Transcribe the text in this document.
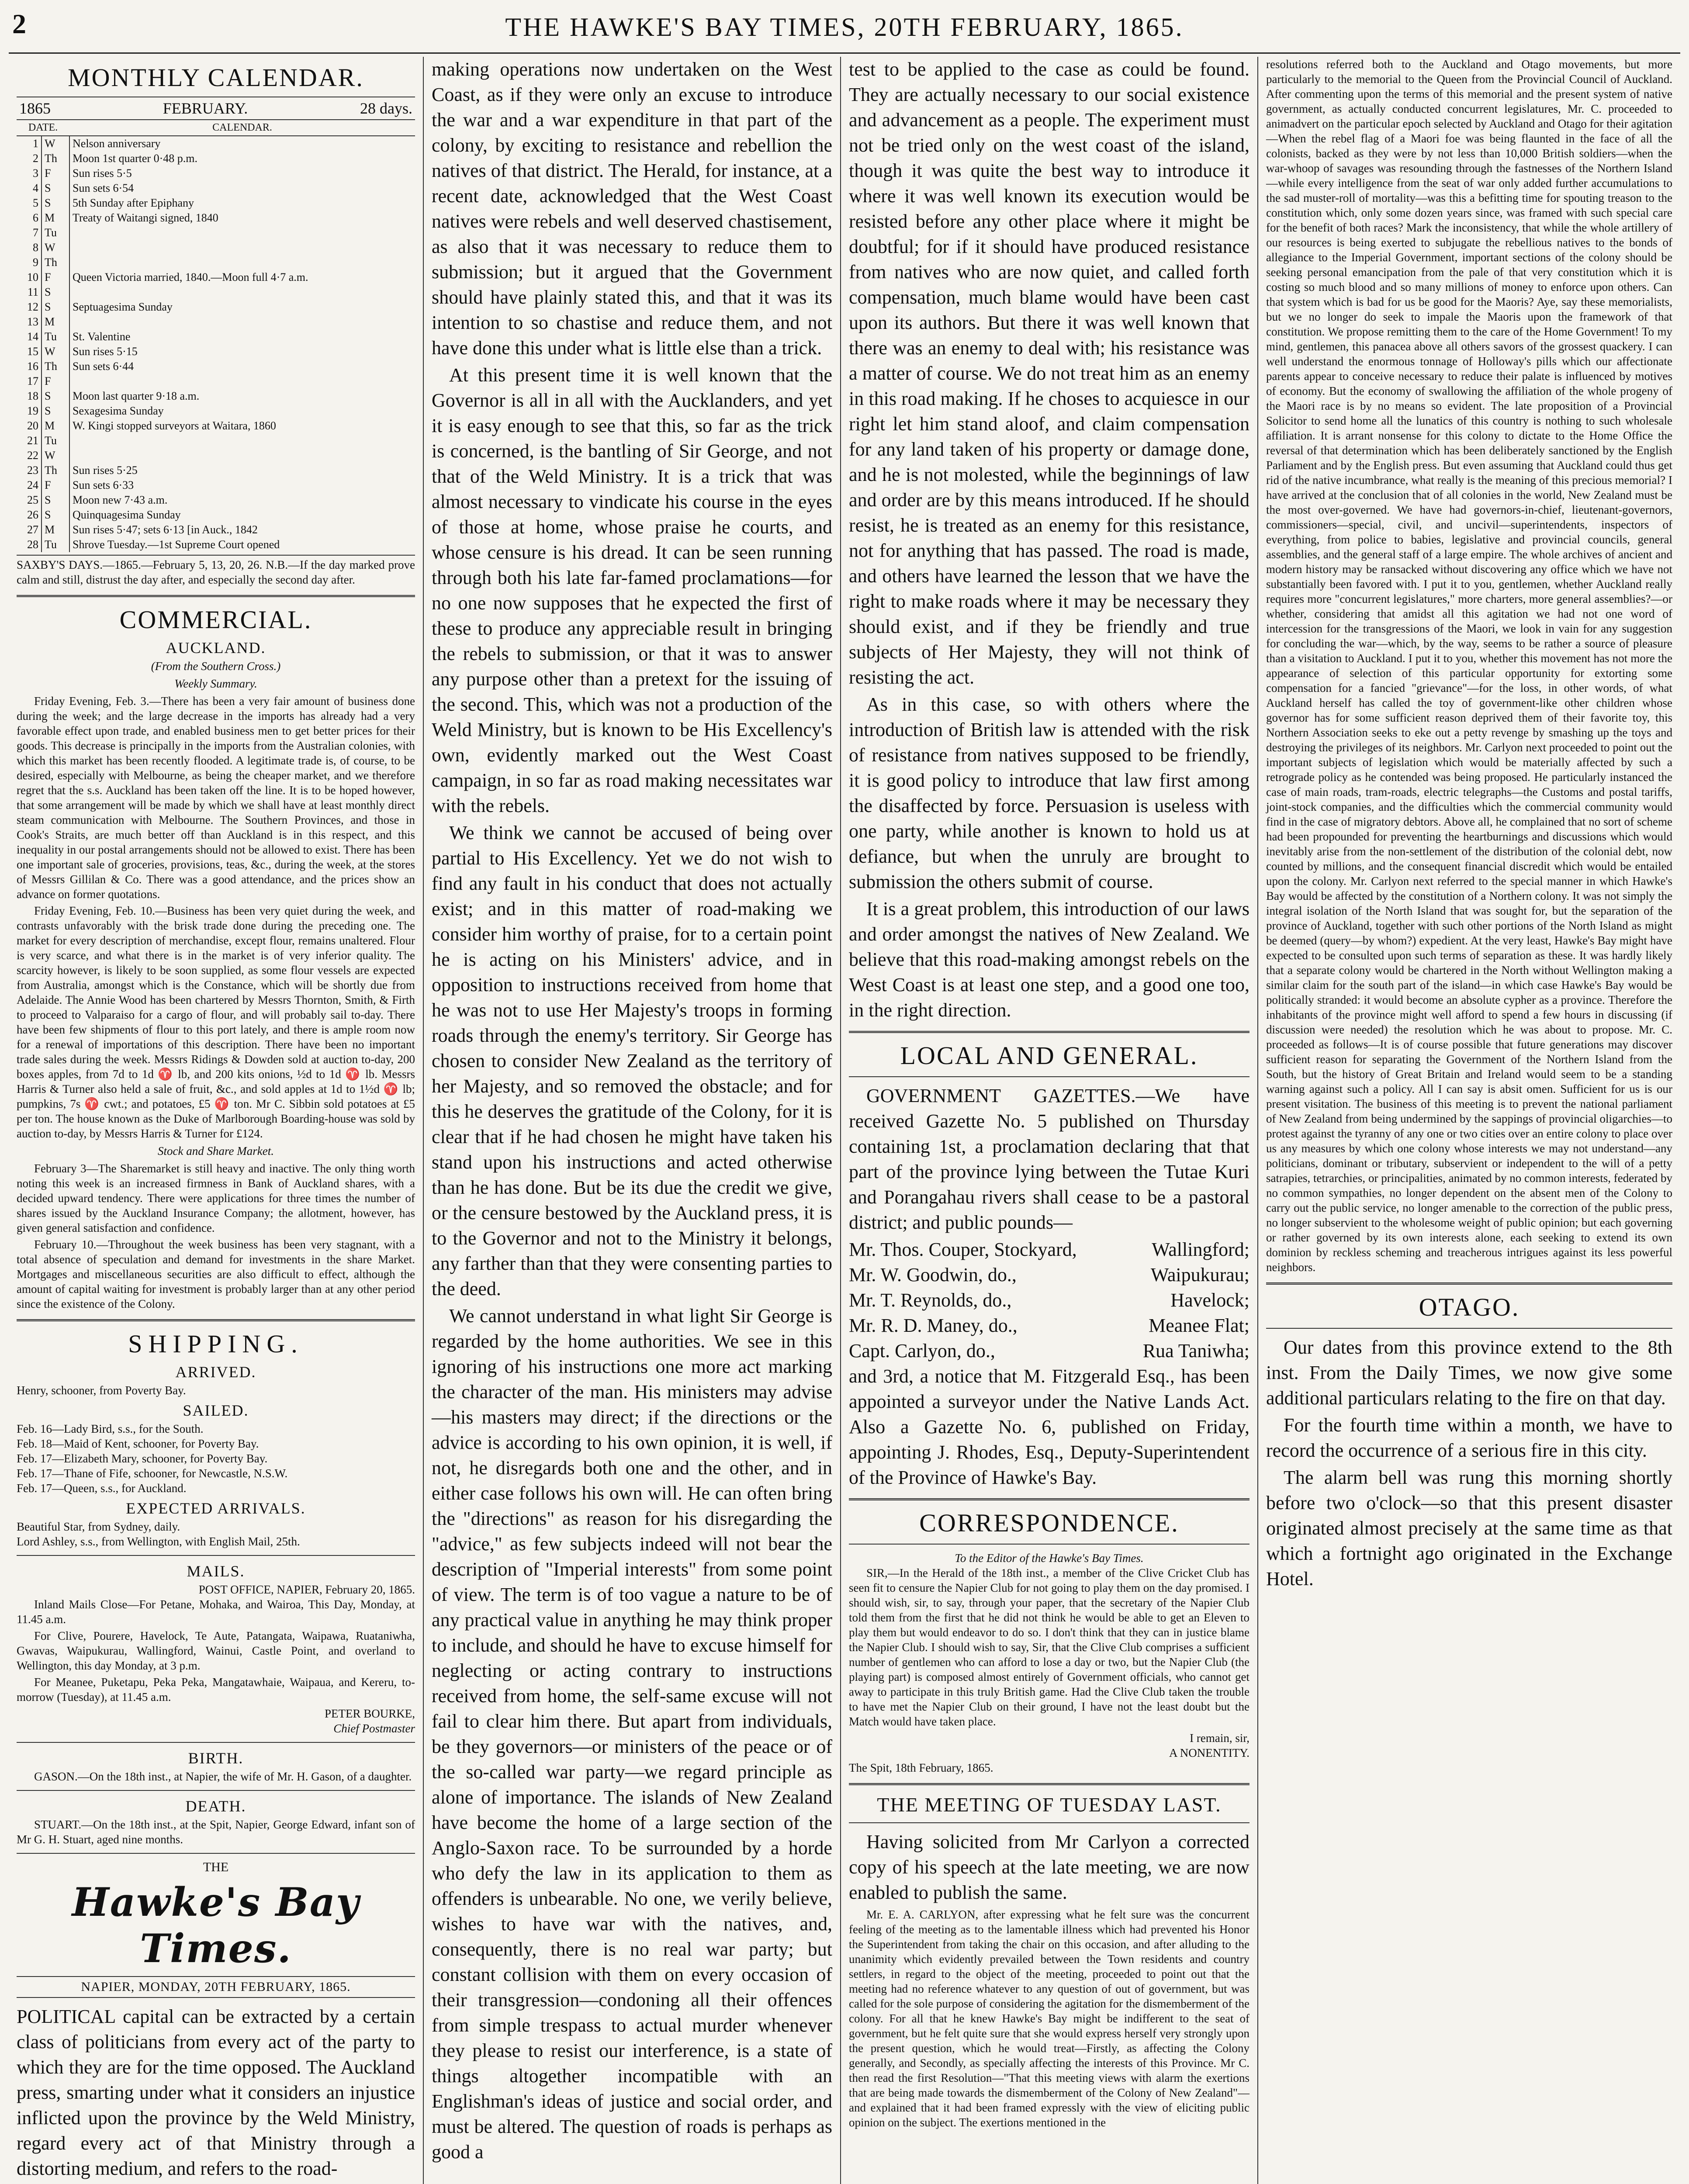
2	THE HAWKE'S BAY TIMES, 20TH FEBRUARY, 1865.
MONTHLY CALENDAR.
1865	FEBRUARY.	28 days.
DATE.		CALENDAR.
1	W	Nelson anniversary
2	Th	Moon 1st quarter 0·48 p.m.
3	F	Sun rises 5·5
4	S	Sun sets 6·54
5	S	5th Sunday after Epiphany
6	M	Treaty of Waitangi signed, 1840
7	Tu	
8	W	
9	Th	
10	F	Queen Victoria married, 1840.—Moon full 4·7 a.m.
11	S	
12	S	Septuagesima Sunday
13	M	
14	Tu	St. Valentine
15	W	Sun rises 5·15
16	Th	Sun sets 6·44
17	F	
18	S	Moon last quarter 9·18 a.m.
19	S	Sexagesima Sunday
20	M	W. Kingi stopped surveyors at Waitara, 1860
21	Tu	
22	W	
23	Th	Sun rises 5·25
24	F	Sun sets 6·33
25	S	Moon new 7·43 a.m.
26	S	Quinquagesima Sunday
27	M	Sun rises 5·47; sets 6·13 [in Auck., 1842
28	Tu	Shrove Tuesday.—1st Supreme Court opened
SAXBY'S DAYS.—1865.—February 5, 13, 20, 26. N.B.—If the day marked prove calm and still, distrust the day after, and especially the second day after.
COMMERCIAL.
AUCKLAND.
(From the Southern Cross.)
Weekly Summary.

Friday Evening, Feb. 3.—There has been a very fair amount of business done during the week; and the large decrease in the imports has already had a very favorable effect upon trade, and enabled business men to get better prices for their goods. This decrease is principally in the imports from the Australian colonies, with which this market has been recently flooded. A legitimate trade is, of course, to be desired, especially with Melbourne, as being the cheaper market, and we therefore regret that the s.s. Auckland has been taken off the line. It is to be hoped however, that some arrangement will be made by which we shall have at least monthly direct steam communication with Melbourne. The Southern Provinces, and those in Cook's Straits, are much better off than Auckland is in this respect, and this inequality in our postal arrangements should not be allowed to exist. There has been one important sale of groceries, provisions, teas, &c., during the week, at the stores of Messrs Gillilan & Co. There was a good attendance, and the prices show an advance on former quotations.

Friday Evening, Feb. 10.—Business has been very quiet during the week, and contrasts unfavorably with the brisk trade done during the preceding one. The market for every description of merchandise, except flour, remains unaltered. Flour is very scarce, and what there is in the market is of very inferior quality. The scarcity however, is likely to be soon supplied, as some flour vessels are expected from Australia, amongst which is the Constance, which will be shortly due from Adelaide. The Annie Wood has been chartered by Messrs Thornton, Smith, & Firth to proceed to Valparaiso for a cargo of flour, and will probably sail to-day. There have been few shipments of flour to this port lately, and there is ample room now for a renewal of importations of this description. There have been no important trade sales during the week. Messrs Ridings & Dowden sold at auction to-day, 200 boxes apples, from 7d to 1d ♈ lb, and 200 kits onions, ½d to 1d ♈ lb. Messrs Harris & Turner also held a sale of fruit, &c., and sold apples at 1d to 1½d ♈ lb; pumpkins, 7s ♈ cwt.; and potatoes, £5 ♈ ton. Mr C. Sibbin sold potatoes at £5 per ton. The house known as the Duke of Marlborough Boarding-house was sold by auction to-day, by Messrs Harris & Turner for £124.

Stock and Share Market.

February 3—The Sharemarket is still heavy and inactive. The only thing worth noting this week is an increased firmness in Bank of Auckland shares, with a decided upward tendency. There were applications for three times the number of shares issued by the Auckland Insurance Company; the allotment, however, has given general satisfaction and confidence.

February 10.—Throughout the week business has been very stagnant, with a total absence of speculation and demand for investments in the share Market. Mortgages and miscellaneous securities are also difficult to effect, although the amount of capital waiting for investment is probably larger than at any other period since the existence of the Colony.

SHIPPING.
ARRIVED.
Henry, schooner, from Poverty Bay.
SAILED.
Feb. 16—Lady Bird, s.s., for the South.
Feb. 18—Maid of Kent, schooner, for Poverty Bay.
Feb. 17—Elizabeth Mary, schooner, for Poverty Bay.
Feb. 17—Thane of Fife, schooner, for Newcastle, N.S.W.
Feb. 17—Queen, s.s., for Auckland.
EXPECTED ARRIVALS.
Beautiful Star, from Sydney, daily.
Lord Ashley, s.s., from Wellington, with English Mail, 25th.
MAILS.
POST OFFICE, NAPIER, February 20, 1865.

Inland Mails Close—For Petane, Mohaka, and Wairoa, This Day, Monday, at 11.45 a.m.

For Clive, Pourere, Havelock, Te Aute, Patangata, Waipawa, Ruataniwha, Gwavas, Waipukurau, Wallingford, Wainui, Castle Point, and overland to Wellington, this day Monday, at 3 p.m.

For Meanee, Puketapu, Peka Peka, Mangatawhaie, Waipaua, and Kereru, to-morrow (Tuesday), at 11.45 a.m.

PETER BOURKE,
Chief Postmaster
BIRTH.

GASON.—On the 18th inst., at Napier, the wife of Mr. H. Gason, of a daughter.

DEATH.

STUART.—On the 18th inst., at the Spit, Napier, George Edward, infant son of Mr G. H. Stuart, aged nine months.

THE
Hawke's Bay Times.
NAPIER, MONDAY, 20TH FEBRUARY, 1865.

POLITICAL capital can be extracted by a certain class of politicians from every act of the party to which they are for the time opposed. The Auckland press, smarting under what it considers an injustice inflicted upon the province by the Weld Ministry, regard every act of that Ministry through a distorting medium, and refers to the road-

making operations now undertaken on the West Coast, as if they were only an excuse to introduce the war and a war expenditure in that part of the colony, by exciting to resistance and rebellion the natives of that district. The Herald, for instance, at a recent date, acknowledged that the West Coast natives were rebels and well deserved chastisement, as also that it was necessary to reduce them to submission; but it argued that the Government should have plainly stated this, and that it was its intention to so chastise and reduce them, and not have done this under what is little else than a trick.

At this present time it is well known that the Governor is all in all with the Aucklanders, and yet it is easy enough to see that this, so far as the trick is concerned, is the bantling of Sir George, and not that of the Weld Ministry. It is a trick that was almost necessary to vindicate his course in the eyes of those at home, whose praise he courts, and whose censure is his dread. It can be seen running through both his late far-famed proclamations—for no one now supposes that he expected the first of these to produce any appreciable result in bringing the rebels to submission, or that it was to answer any purpose other than a pretext for the issuing of the second. This, which was not a production of the Weld Ministry, but is known to be His Excellency's own, evidently marked out the West Coast campaign, in so far as road making necessitates war with the rebels.

We think we cannot be accused of being over partial to His Excellency. Yet we do not wish to find any fault in his conduct that does not actually exist; and in this matter of road-making we consider him worthy of praise, for to a certain point he is acting on his Ministers' advice, and in opposition to instructions received from home that he was not to use Her Majesty's troops in forming roads through the enemy's territory. Sir George has chosen to consider New Zealand as the territory of her Majesty, and so removed the obstacle; and for this he deserves the gratitude of the Colony, for it is clear that if he had chosen he might have taken his stand upon his instructions and acted otherwise than he has done. But be its due the credit we give, or the censure bestowed by the Auckland press, it is to the Governor and not to the Ministry it belongs, any farther than that they were consenting parties to the deed.

We cannot understand in what light Sir George is regarded by the home authorities. We see in this ignoring of his instructions one more act marking the character of the man. His ministers may advise—his masters may direct; if the directions or the advice is according to his own opinion, it is well, if not, he disregards both one and the other, and in either case follows his own will. He can often bring the "directions" as reason for his disregarding the "advice," as few subjects indeed will not bear the description of "Imperial interests" from some point of view. The term is of too vague a nature to be of any practical value in anything he may think proper to include, and should he have to excuse himself for neglecting or acting contrary to instructions received from home, the self-same excuse will not fail to clear him there. But apart from individuals, be they governors—or ministers of the peace or of the so-called war party—we regard principle as alone of importance. The islands of New Zealand have become the home of a large section of the Anglo-Saxon race. To be surrounded by a horde who defy the law in its application to them as offenders is unbearable. No one, we verily believe, wishes to have war with the natives, and, consequently, there is no real war party; but constant collision with them on every occasion of their transgression—condoning all their offences from simple trespass to actual murder whenever they please to resist our interference, is a state of things altogether incompatible with an Englishman's ideas of justice and social order, and must be altered. The question of roads is perhaps as good a

test to be applied to the case as could be found. They are actually necessary to our social existence and advancement as a people. The experiment must not be tried only on the west coast of the island, though it was quite the best way to introduce it where it was well known its execution would be resisted before any other place where it might be doubtful; for if it should have produced resistance from natives who are now quiet, and called forth compensation, much blame would have been cast upon its authors. But there it was well known that there was an enemy to deal with; his resistance was a matter of course. We do not treat him as an enemy in this road making. If he choses to acquiesce in our right let him stand aloof, and claim compensation for any land taken of his property or damage done, and he is not molested, while the beginnings of law and order are by this means introduced. If he should resist, he is treated as an enemy for this resistance, not for anything that has passed. The road is made, and others have learned the lesson that we have the right to make roads where it may be necessary they should exist, and if they be friendly and true subjects of Her Majesty, they will not think of resisting the act.

As in this case, so with others where the introduction of British law is attended with the risk of resistance from natives supposed to be friendly, it is good policy to introduce that law first among the disaffected by force. Persuasion is useless with one party, while another is known to hold us at defiance, but when the unruly are brought to submission the others submit of course.

It is a great problem, this introduction of our laws and order amongst the natives of New Zealand. We believe that this road-making amongst rebels on the West Coast is at least one step, and a good one too, in the right direction.

LOCAL AND GENERAL.

GOVERNMENT GAZETTES.—We have received Gazette No. 5 published on Thursday containing 1st, a proclamation declaring that that part of the province lying between the Tutae Kuri and Porangahau rivers shall cease to be a pastoral district; and public pounds—

Mr. Thos. Couper, Stockyard,	Wallingford;
Mr. W. Goodwin, do.,	Waipukurau;
Mr. T. Reynolds, do.,	Havelock;
Mr. R. D. Maney, do.,	Meanee Flat;
Capt. Carlyon, do.,	Rua Taniwha;

and 3rd, a notice that M. Fitzgerald Esq., has been appointed a surveyor under the Native Lands Act. Also a Gazette No. 6, published on Friday, appointing J. Rhodes, Esq., Deputy-Superintendent of the Province of Hawke's Bay.

CORRESPONDENCE.
To the Editor of the Hawke's Bay Times.

SIR,—In the Herald of the 18th inst., a member of the Clive Cricket Club has seen fit to censure the Napier Club for not going to play them on the day promised. I should wish, sir, to say, through your paper, that the secretary of the Napier Club told them from the first that he did not think he would be able to get an Eleven to play them but would endeavor to do so. I don't think that they can in justice blame the Napier Club. I should wish to say, Sir, that the Clive Club comprises a sufficient number of gentlemen who can afford to lose a day or two, but the Napier Club (the playing part) is composed almost entirely of Government officials, who cannot get away to participate in this truly British game. Had the Clive Club taken the trouble to have met the Napier Club on their ground, I have not the least doubt but the Match would have taken place.

I remain, sir,
A NONENTITY.
The Spit, 18th February, 1865.
THE MEETING OF TUESDAY LAST.

Having solicited from Mr Carlyon a corrected copy of his speech at the late meeting, we are now enabled to publish the same.

Mr. E. A. CARLYON, after expressing what he felt sure was the concurrent feeling of the meeting as to the lamentable illness which had prevented his Honor the Superintendent from taking the chair on this occasion, and after alluding to the unanimity which evidently prevailed between the Town residents and country settlers, in regard to the object of the meeting, proceeded to point out that the meeting had no reference whatever to any question of out of government, but was called for the sole purpose of considering the agitation for the dismemberment of the colony. For all that he knew Hawke's Bay might be indifferent to the seat of government, but he felt quite sure that she would express herself very strongly upon the present question, which he would treat—Firstly, as affecting the Colony generally, and Secondly, as specially affecting the interests of this Province. Mr C. then read the first Resolution—"That this meeting views with alarm the exertions that are being made towards the dismemberment of the Colony of New Zealand"—and explained that it had been framed expressly with the view of eliciting public opinion on the subject. The exertions mentioned in the

resolutions referred both to the Auckland and Otago movements, but more particularly to the memorial to the Queen from the Provincial Council of Auckland. After commenting upon the terms of this memorial and the present system of native government, as actually conducted concurrent legislatures, Mr. C. proceeded to animadvert on the particular epoch selected by Auckland and Otago for their agitation—When the rebel flag of a Maori foe was being flaunted in the face of all the colonists, backed as they were by not less than 10,000 British soldiers—when the war-whoop of savages was resounding through the fastnesses of the Northern Island—while every intelligence from the seat of war only added further accumulations to the sad muster-roll of mortality—was this a befitting time for spouting treason to the constitution which, only some dozen years since, was framed with such special care for the benefit of both races? Mark the inconsistency, that while the whole artillery of our resources is being exerted to subjugate the rebellious natives to the bonds of allegiance to the Imperial Government, important sections of the colony should be seeking personal emancipation from the pale of that very constitution which it is costing so much blood and so many millions of money to enforce upon others. Can that system which is bad for us be good for the Maoris? Aye, say these memorialists, but we no longer do seek to impale the Maoris upon the framework of that constitution. We propose remitting them to the care of the Home Government! To my mind, gentlemen, this panacea above all others savors of the grossest quackery. I can well understand the enormous tonnage of Holloway's pills which our affectionate parents appear to conceive necessary to reduce their palate is influenced by motives of economy. But the economy of swallowing the affiliation of the whole progeny of the Maori race is by no means so evident. The late proposition of a Provincial Solicitor to send home all the lunatics of this country is nothing to such wholesale affiliation. It is arrant nonsense for this colony to dictate to the Home Office the reversal of that determination which has been deliberately sanctioned by the English Parliament and by the English press. But even assuming that Auckland could thus get rid of the native incumbrance, what really is the meaning of this precious memorial? I have arrived at the conclusion that of all colonies in the world, New Zealand must be the most over-governed. We have had governors-in-chief, lieutenant-governors, commissioners—special, civil, and uncivil—superintendents, inspectors of everything, from police to babies, legislative and provincial councils, general assemblies, and the general staff of a large empire. The whole archives of ancient and modern history may be ransacked without discovering any office which we have not substantially been favored with. I put it to you, gentlemen, whether Auckland really requires more "concurrent legislatures," more charters, more general assemblies?—or whether, considering that amidst all this agitation we had not one word of intercession for the transgressions of the Maori, we look in vain for any suggestion for concluding the war—which, by the way, seems to be rather a source of pleasure than a visitation to Auckland. I put it to you, whether this movement has not more the appearance of selection of this particular opportunity for extorting some compensation for a fancied "grievance"—for the loss, in other words, of what Auckland herself has called the toy of government-like other children whose governor has for some sufficient reason deprived them of their favorite toy, this Northern Association seeks to eke out a petty revenge by smashing up the toys and destroying the privileges of its neighbors. Mr. Carlyon next proceeded to point out the important subjects of legislation which would be materially affected by such a retrograde policy as he contended was being proposed. He particularly instanced the case of main roads, tram-roads, electric telegraphs—the Customs and postal tariffs, joint-stock companies, and the difficulties which the commercial community would find in the case of migratory debtors. Above all, he complained that no sort of scheme had been propounded for preventing the heartburnings and discussions which would inevitably arise from the non-settlement of the distribution of the colonial debt, now counted by millions, and the consequent financial discredit which would be entailed upon the colony. Mr. Carlyon next referred to the special manner in which Hawke's Bay would be affected by the constitution of a Northern colony. It was not simply the integral isolation of the North Island that was sought for, but the separation of the province of Auckland, together with such other portions of the North Island as might be deemed (query—by whom?) expedient. At the very least, Hawke's Bay might have expected to be consulted upon such terms of separation as these. It was hardly likely that a separate colony would be chartered in the North without Wellington making a similar claim for the south part of the island—in which case Hawke's Bay would be politically stranded: it would become an absolute cypher as a province. Therefore the inhabitants of the province might well afford to spend a few hours in discussing (if discussion were needed) the resolution which he was about to propose. Mr. C. proceeded as follows—It is of course possible that future generations may discover sufficient reason for separating the Government of the Northern Island from the South, but the history of Great Britain and Ireland would seem to be a standing warning against such a policy. All I can say is absit omen. Sufficient for us is our present visitation. The business of this meeting is to prevent the national parliament of New Zealand from being undermined by the sappings of provincial oligarchies—to protest against the tyranny of any one or two cities over an entire colony to place over us any measures by which one colony whose interests we may not understand—any politicians, dominant or tributary, subservient or independent to the will of a petty satrapies, tetrarchies, or principalities, animated by no common interests, federated by no common sympathies, no longer dependent on the absent men of the Colony to carry out the public service, no longer amenable to the correction of the public press, no longer subservient to the wholesome weight of public opinion; but each governing or rather governed by its own interests alone, each seeking to extend its own dominion by reckless scheming and treacherous intrigues against its less powerful neighbors.

OTAGO.

Our dates from this province extend to the 8th inst. From the Daily Times, we now give some additional particulars relating to the fire on that day.

For the fourth time within a month, we have to record the occurrence of a serious fire in this city.

The alarm bell was rung this morning shortly before two o'clock—so that this present disaster originated almost precisely at the same time as that which a fortnight ago originated in the Exchange Hotel.
